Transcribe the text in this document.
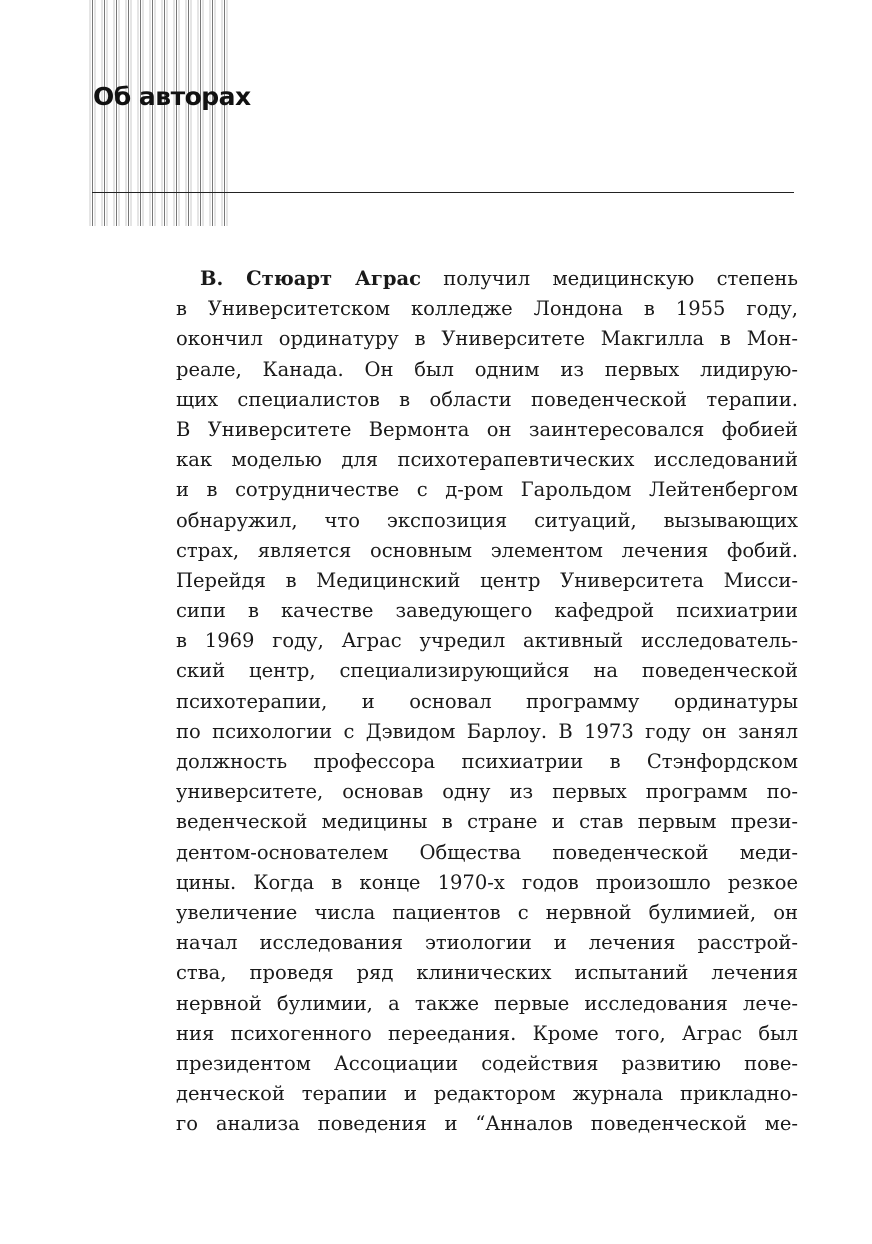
Об авторах
В. Стюарт Аграс получил медицинскую степень
в Университетском колледже Лондона в 1955 году,
окончил ординатуру в Университете Макгилла в Мон-
реале, Канада. Он был одним из первых лидирую-
щих специалистов в области поведенческой терапии.
В Университете Вермонта он заинтересовался фобией
как моделью для психотерапевтических исследований
и в сотрудничестве с д-ром Гарольдом Лейтенбергом
обнаружил, что экспозиция ситуаций, вызывающих
страх, является основным элементом лечения фобий.
Перейдя в Медицинский центр Университета Мисси-
сипи в качестве заведующего кафедрой психиатрии
в 1969 году, Аграс учредил активный исследователь-
ский центр, специализирующийся на поведенческой
психотерапии, и основал программу ординатуры
по психологии с Дэвидом Барлоу. В 1973 году он занял
должность профессора психиатрии в Стэнфордском
университете, основав одну из первых программ по-
веденческой медицины в стране и став первым прези-
дентом-основателем Общества поведенческой меди-
цины. Когда в конце 1970-х годов произошло резкое
увеличение числа пациентов с нервной булимией, он
начал исследования этиологии и лечения расстрой-
ства, проведя ряд клинических испытаний лечения
нервной булимии, а также первые исследования лече-
ния психогенного переедания. Кроме того, Аграс был
президентом Ассоциации содействия развитию пове-
денческой терапии и редактором журнала прикладно-
го анализа поведения и “Анналов поведенческой ме-
